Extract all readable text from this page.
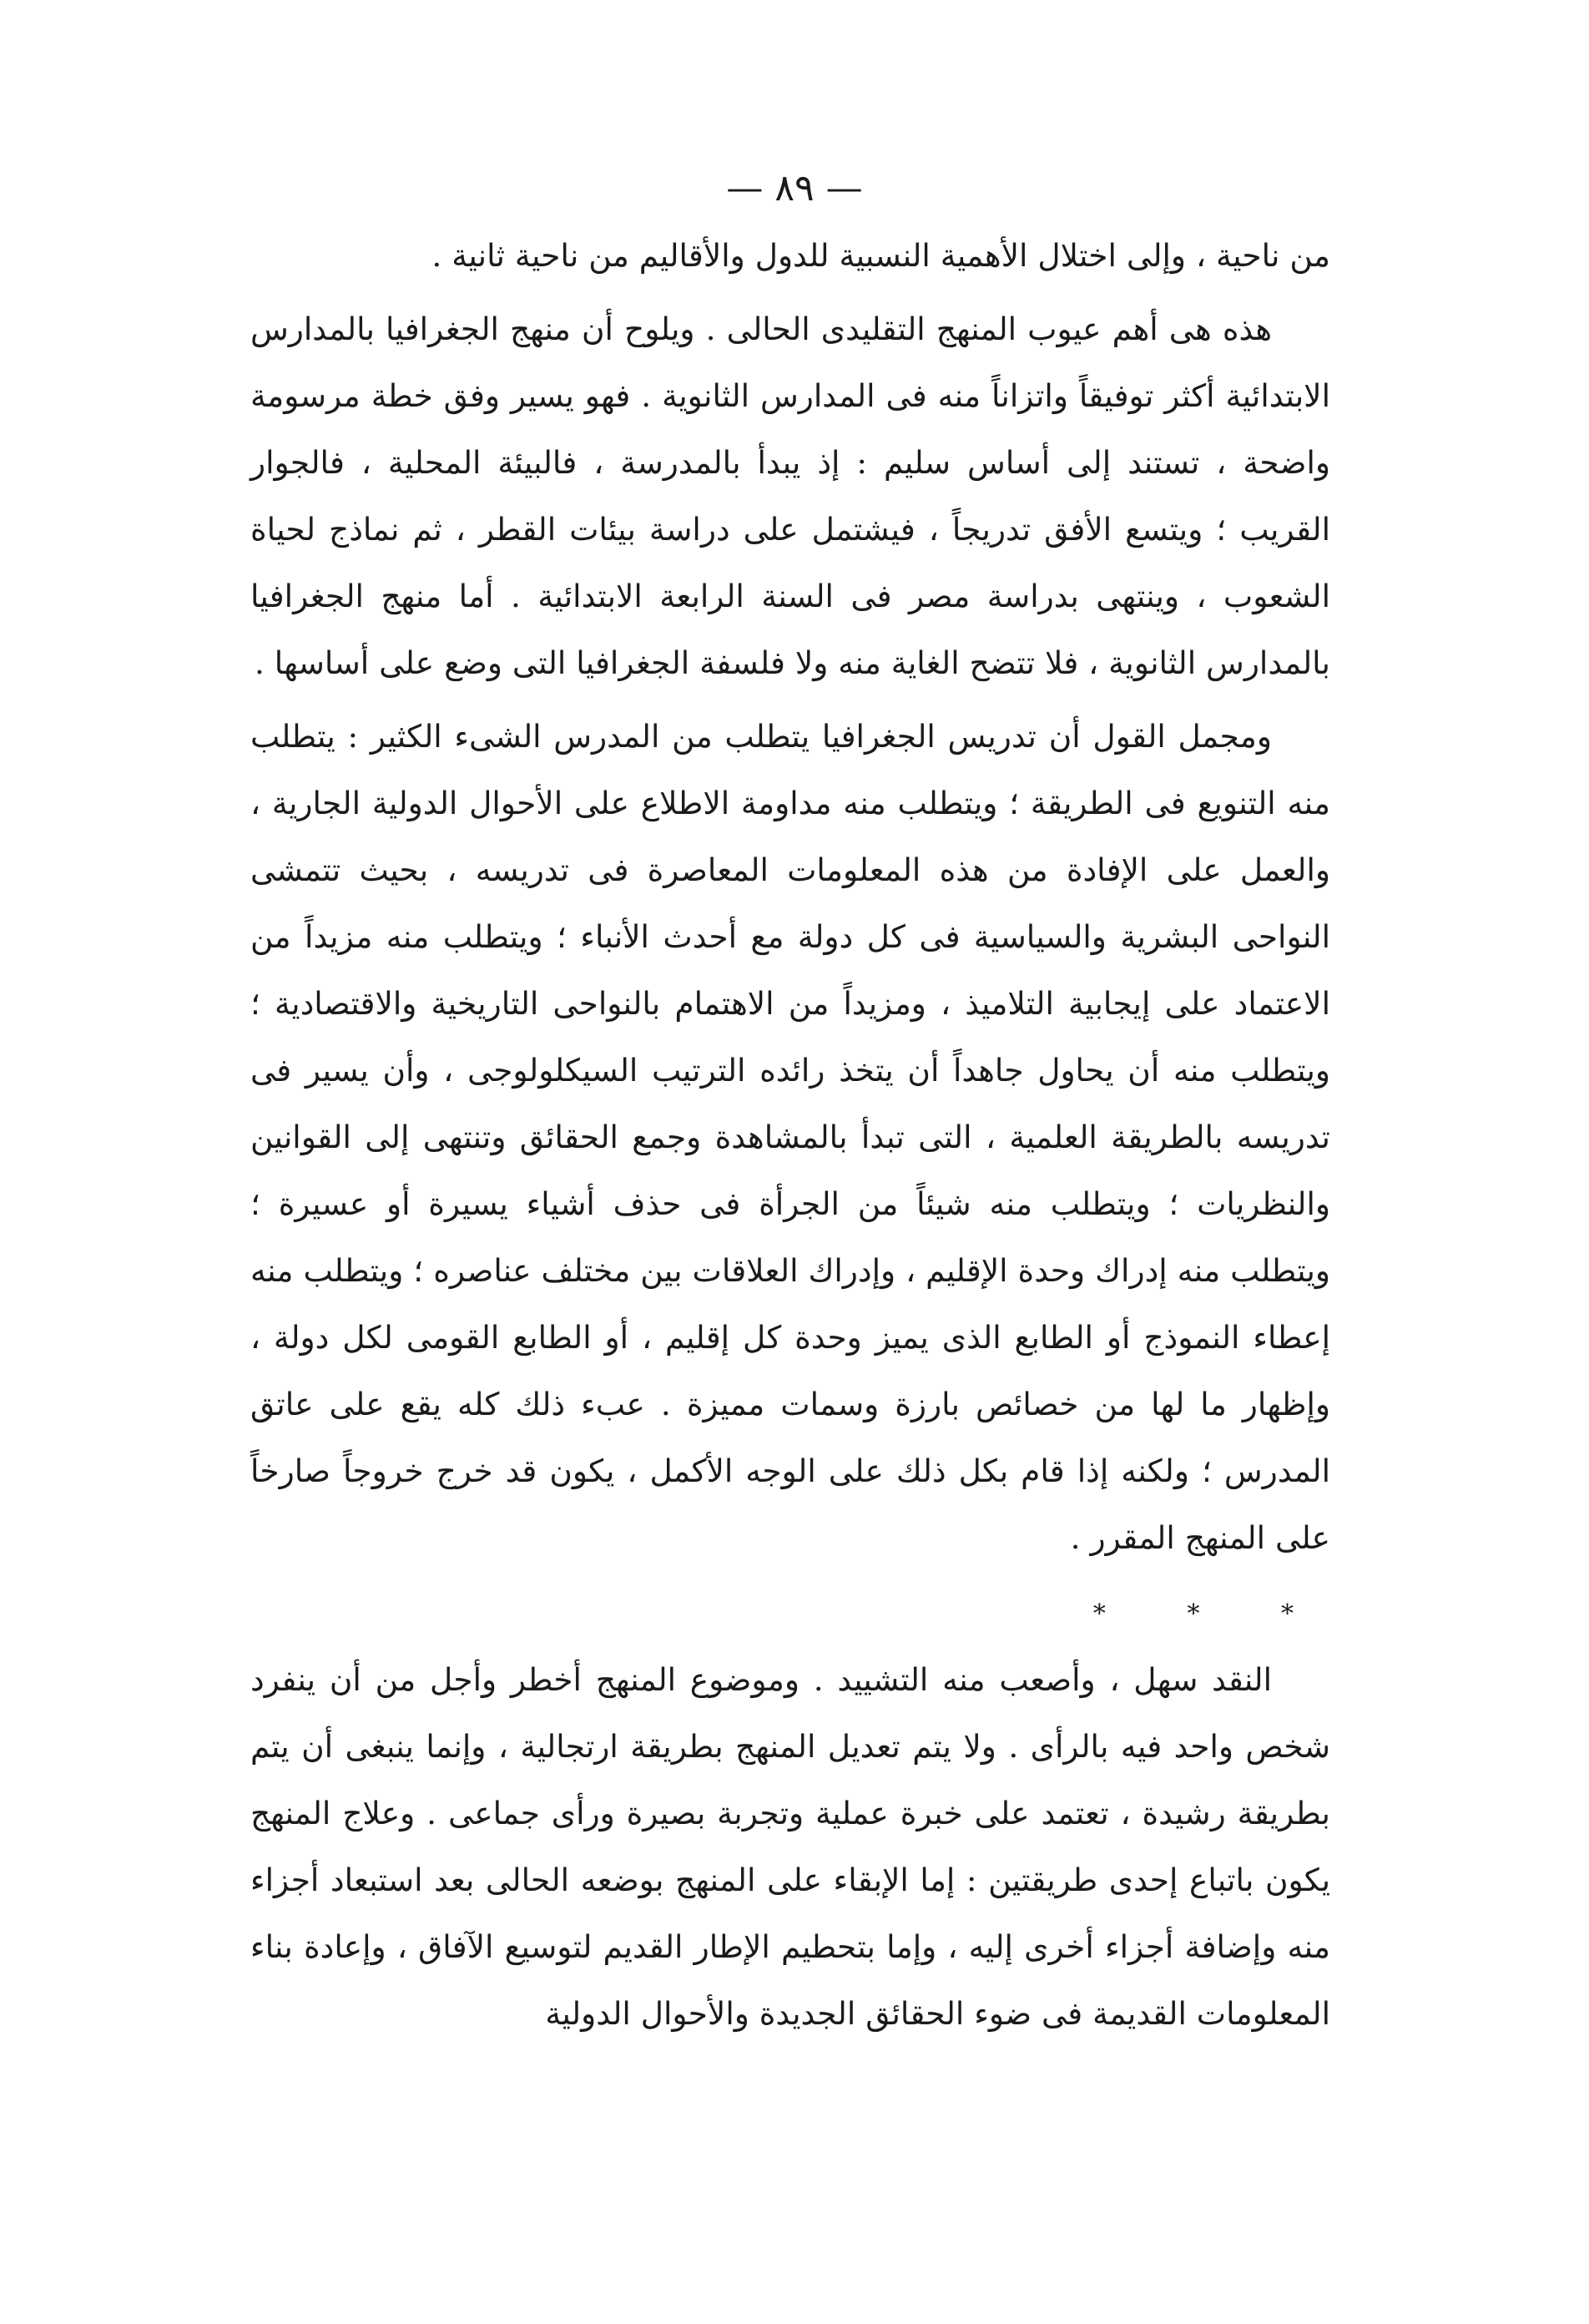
— ٨٩ —

من ناحية ، وإلى اختلال الأهمية النسبية للدول والأقاليم من ناحية ثانية .

هذه هى أهم عيوب المنهج التقليدى الحالى . ويلوح أن منهج الجغرافيا بالمدارس الابتدائية أكثر توفيقاً واتزاناً منه فى المدارس الثانوية . فهو يسير وفق خطة مرسومة واضحة ، تستند إلى أساس سليم : إذ يبدأ بالمدرسة ، فالبيئة المحلية ، فالجوار القريب ؛ ويتسع الأفق تدريجاً ، فيشتمل على دراسة بيئات القطر ، ثم نماذج لحياة الشعوب ، وينتهى بدراسة مصر فى السنة الرابعة الابتدائية . أما منهج الجغرافيا بالمدارس الثانوية ، فلا تتضح الغاية منه ولا فلسفة الجغرافيا التى وضع على أساسها .

ومجمل القول أن تدريس الجغرافيا يتطلب من المدرس الشىء الكثير : يتطلب منه التنويع فى الطريقة ؛ ويتطلب منه مداومة الاطلاع على الأحوال الدولية الجارية ، والعمل على الإفادة من هذه المعلومات المعاصرة فى تدريسه ، بحيث تتمشى النواحى البشرية والسياسية فى كل دولة مع أحدث الأنباء ؛ ويتطلب منه مزيداً من الاعتماد على إيجابية التلاميذ ، ومزيداً من الاهتمام بالنواحى التاريخية والاقتصادية ؛ ويتطلب منه أن يحاول جاهداً أن يتخذ رائده الترتيب السيكلولوجى ، وأن يسير فى تدريسه بالطريقة العلمية ، التى تبدأ بالمشاهدة وجمع الحقائق وتنتهى إلى القوانين والنظريات ؛ ويتطلب منه شيئاً من الجرأة فى حذف أشياء يسيرة أو عسيرة ؛ ويتطلب منه إدراك وحدة الإقليم ، وإدراك العلاقات بين مختلف عناصره ؛ ويتطلب منه إعطاء النموذج أو الطابع الذى يميز وحدة كل إقليم ، أو الطابع القومى لكل دولة ، وإظهار ما لها من خصائص بارزة وسمات مميزة . عبء ذلك كله يقع على عاتق المدرس ؛ ولكنه إذا قام بكل ذلك على الوجه الأكمل ، يكون قد خرج خروجاً صارخاً على المنهج المقرر .

* * *

النقد سهل ، وأصعب منه التشييد . وموضوع المنهج أخطر وأجل من أن ينفرد شخص واحد فيه بالرأى . ولا يتم تعديل المنهج بطريقة ارتجالية ، وإنما ينبغى أن يتم بطريقة رشيدة ، تعتمد على خبرة عملية وتجربة بصيرة ورأى جماعى . وعلاج المنهج يكون باتباع إحدى طريقتين : إما الإبقاء على المنهج بوضعه الحالى بعد استبعاد أجزاء منه وإضافة أجزاء أخرى إليه ، وإما بتحطيم الإطار القديم لتوسيع الآفاق ، وإعادة بناء المعلومات القديمة فى ضوء الحقائق الجديدة والأحوال الدولية
